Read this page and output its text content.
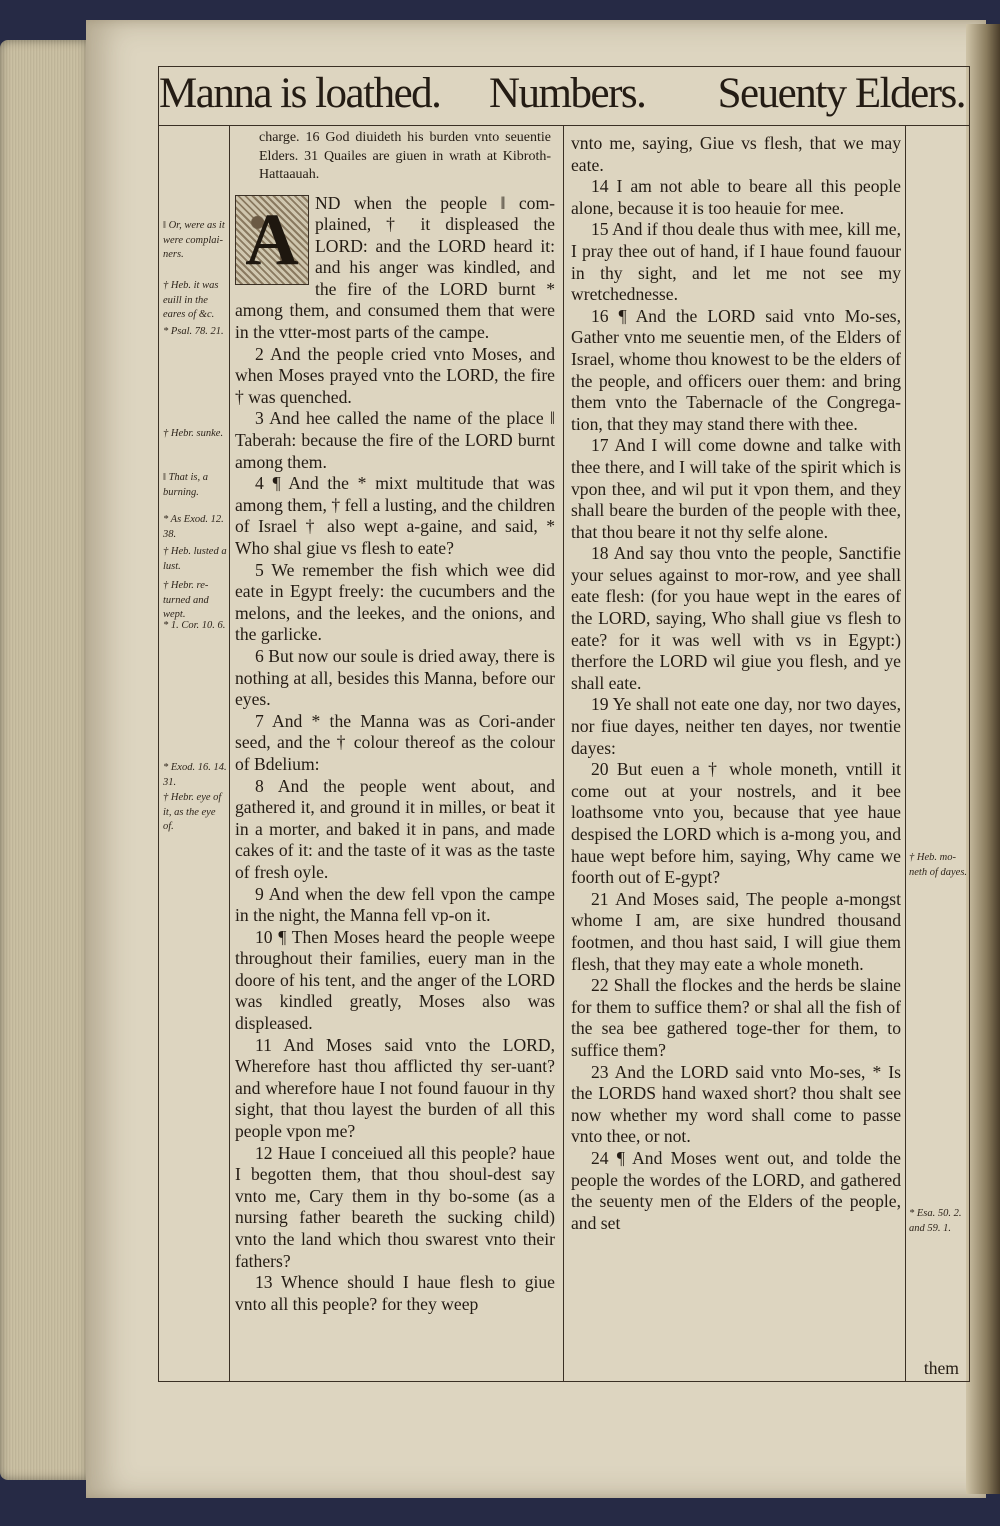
Manna is loathed. Numbers. Seuenty Elders.
‖ Or, were as it were complai-ners.
† Heb. it was euill in the eares of &c.
* Psal. 78. 21.
† Hebr. sunke.
‖ That is, a burning.
* As Exod. 12. 38.
† Heb. lusted a lust.
† Hebr. re-turned and wept.
* 1. Cor. 10. 6.
* Exod. 16. 14. 31.
† Hebr. eye of it, as the eye of.
† Heb. mo-neth of dayes.
* Esa. 50. 2. and 59. 1.

charge. 16 God diuideth his burden vnto seuentie Elders. 31 Quailes are giuen in wrath at Kibroth-Hattaauah.

A ND when the people ‖ com-plained, † it displeased the LORD: and the LORD heard it: and his anger was kindled, and the fire of the LORD burnt * among them, and consumed them that were in the vtter-most parts of the campe.

2 And the people cried vnto Moses, and when Moses prayed vnto the LORD, the fire † was quenched.

3 And hee called the name of the place ‖ Taberah: because the fire of the LORD burnt among them.

4 ¶ And the * mixt multitude that was among them, † fell a lusting, and the children of Israel † also wept a-gaine, and said, * Who shal giue vs flesh to eate?

5 We remember the fish which wee did eate in Egypt freely: the cucumbers and the melons, and the leekes, and the onions, and the garlicke.

6 But now our soule is dried away, there is nothing at all, besides this Manna, before our eyes.

7 And * the Manna was as Cori-ander seed, and the † colour thereof as the colour of Bdelium:

8 And the people went about, and gathered it, and ground it in milles, or beat it in a morter, and baked it in pans, and made cakes of it: and the taste of it was as the taste of fresh oyle.

9 And when the dew fell vpon the campe in the night, the Manna fell vp-on it.

10 ¶ Then Moses heard the people weepe throughout their families, euery man in the doore of his tent, and the anger of the LORD was kindled greatly, Moses also was displeased.

11 And Moses said vnto the LORD, Wherefore hast thou afflicted thy ser-uant? and wherefore haue I not found fauour in thy sight, that thou layest the burden of all this people vpon me?

12 Haue I conceiued all this people? haue I begotten them, that thou shoul-dest say vnto me, Cary them in thy bo-some (as a nursing father beareth the sucking child) vnto the land which thou swarest vnto their fathers?

13 Whence should I haue flesh to giue vnto all this people? for they weep

vnto me, saying, Giue vs flesh, that we may eate.

14 I am not able to beare all this people alone, because it is too heauie for mee.

15 And if thou deale thus with mee, kill me, I pray thee out of hand, if I haue found fauour in thy sight, and let me not see my wretchednesse.

16 ¶ And the LORD said vnto Mo-ses, Gather vnto me seuentie men, of the Elders of Israel, whome thou knowest to be the elders of the people, and officers ouer them: and bring them vnto the Tabernacle of the Congrega-tion, that they may stand there with thee.

17 And I will come downe and talke with thee there, and I will take of the spirit which is vpon thee, and wil put it vpon them, and they shall beare the burden of the people with thee, that thou beare it not thy selfe alone.

18 And say thou vnto the people, Sanctifie your selues against to mor-row, and yee shall eate flesh: (for you haue wept in the eares of the LORD, saying, Who shall giue vs flesh to eate? for it was well with vs in Egypt:) therfore the LORD wil giue you flesh, and ye shall eate.

19 Ye shall not eate one day, nor two dayes, nor fiue dayes, neither ten dayes, nor twentie dayes:

20 But euen a † whole moneth, vntill it come out at your nostrels, and it bee loathsome vnto you, because that yee haue despised the LORD which is a-mong you, and haue wept before him, saying, Why came we foorth out of E-gypt?

21 And Moses said, The people a-mongst whome I am, are sixe hundred thousand footmen, and thou hast said, I will giue them flesh, that they may eate a whole moneth.

22 Shall the flockes and the herds be slaine for them to suffice them? or shal all the fish of the sea bee gathered toge-ther for them, to suffice them?

23 And the LORD said vnto Mo-ses, * Is the LORDS hand waxed short? thou shalt see now whether my word shall come to passe vnto thee, or not.

24 ¶ And Moses went out, and tolde the people the wordes of the LORD, and gathered the seuenty men of the Elders of the people, and set

them
